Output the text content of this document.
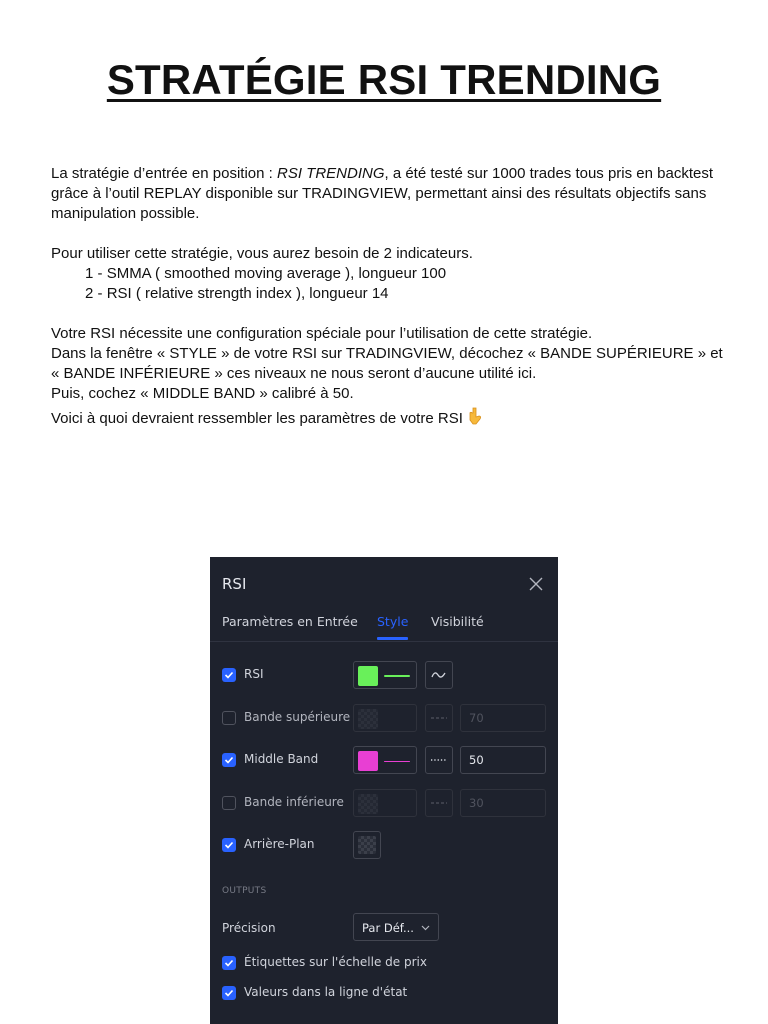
STRATÉGIE RSI TRENDING

La stratégie d’entrée en position : RSI TRENDING, a été testé sur 1000 trades tous pris en backtest grâce à l’outil REPLAY disponible sur TRADINGVIEW, permettant ainsi des résultats objectifs sans manipulation possible.

Pour utiliser cette stratégie, vous aurez besoin de 2 indicateurs.

1 - SMMA ( smoothed moving average ), longueur 100

2 - RSI ( relative strength index ), longueur 14

Votre RSI nécessite une configuration spéciale pour l’utilisation de cette stratégie.

Dans la fenêtre « STYLE » de votre RSI sur TRADINGVIEW, décochez « BANDE SUPÉRIEURE » et « BANDE INFÉRIEURE » ces niveaux ne nous seront d’aucune utilité ici.

Puis, cochez « MIDDLE BAND » calibré à 50.

Voici à quoi devraient ressembler les paramètres de votre RSI

RSI
Paramètres en Entrée Style Visibilité
RSI
Bande supérieure	70
Middle Band	50
Bande inférieure	30
Arrière-Plan
OUTPUTS
Précision	Par Déf...
Étiquettes sur l'échelle de prix
Valeurs dans la ligne d'état
